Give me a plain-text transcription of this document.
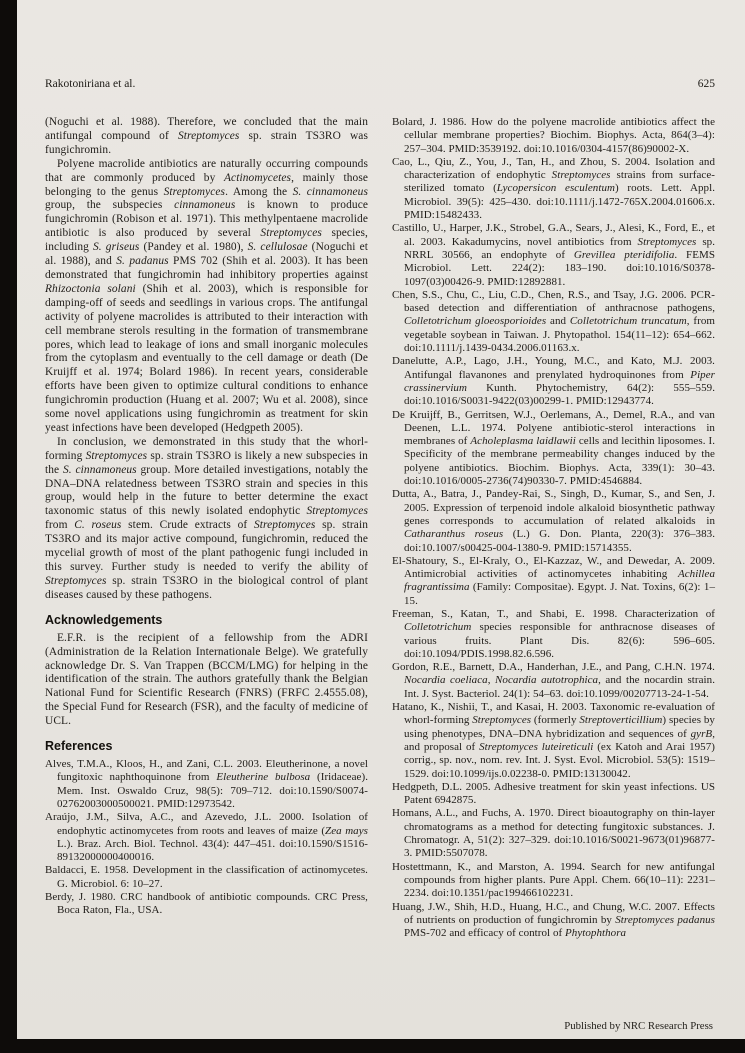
Rakotoniriana et al.	625

(Noguchi et al. 1988). Therefore, we concluded that the main antifungal compound of Streptomyces sp. strain TS3RO was fungichromin.

Polyene macrolide antibiotics are naturally occurring compounds that are commonly produced by Actinomycetes, mainly those belonging to the genus Streptomyces. Among the S. cinnamoneus group, the subspecies cinnamoneus is known to produce fungichromin (Robison et al. 1971). This methylpentaene macrolide antibiotic is also produced by several Streptomyces species, including S. griseus (Pandey et al. 1980), S. cellulosae (Noguchi et al. 1988), and S. padanus PMS 702 (Shih et al. 2003). It has been demonstrated that fungichromin had inhibitory properties against Rhizoctonia solani (Shih et al. 2003), which is responsible for damping-off of seeds and seedlings in various crops. The antifungal activity of polyene macrolides is attributed to their interaction with cell membrane sterols resulting in the formation of transmembrane pores, which lead to leakage of ions and small inorganic molecules from the cytoplasm and eventually to the cell damage or death (De Kruijff et al. 1974; Bolard 1986). In recent years, considerable efforts have been given to optimize cultural conditions to enhance fungichromin production (Huang et al. 2007; Wu et al. 2008), since some novel applications using fungichromin as treatment for skin yeast infections have been developed (Hedgpeth 2005).

In conclusion, we demonstrated in this study that the whorl-forming Streptomyces sp. strain TS3RO is likely a new subspecies in the S. cinnamoneus group. More detailed investigations, notably the DNA–DNA relatedness between TS3RO strain and species in this group, would help in the future to better determine the exact taxonomic status of this newly isolated endophytic Streptomyces from C. roseus stem. Crude extracts of Streptomyces sp. strain TS3RO and its major active compound, fungichromin, reduced the mycelial growth of most of the plant pathogenic fungi included in this survey. Further study is needed to verify the ability of Streptomyces sp. strain TS3RO in the biological control of plant diseases caused by these pathogens.

Acknowledgements

E.F.R. is the recipient of a fellowship from the ADRI (Administration de la Relation Internationale Belge). We gratefully acknowledge Dr. S. Van Trappen (BCCM/LMG) for helping in the identification of the strain. The authors gratefully thank the Belgian National Fund for Scientific Research (FNRS) (FRFC 2.4555.08), the Special Fund for Research (FSR), and the faculty of medicine of UCL.

References

Alves, T.M.A., Kloos, H., and Zani, C.L. 2003. Eleutherinone, a novel fungitoxic naphthoquinone from Eleutherine bulbosa (Iridaceae). Mem. Inst. Oswaldo Cruz, 98(5): 709–712. doi:10.1590/S0074-02762003000500021. PMID:12973542.

Araújo, J.M., Silva, A.C., and Azevedo, J.L. 2000. Isolation of endophytic actinomycetes from roots and leaves of maize (Zea mays L.). Braz. Arch. Biol. Technol. 43(4): 447–451. doi:10.1590/S1516-89132000000400016.

Baldacci, E. 1958. Development in the classification of actinomycetes. G. Microbiol. 6: 10–27.

Berdy, J. 1980. CRC handbook of antibiotic compounds. CRC Press, Boca Raton, Fla., USA.

Bolard, J. 1986. How do the polyene macrolide antibiotics affect the cellular membrane properties? Biochim. Biophys. Acta, 864(3–4): 257–304. PMID:3539192. doi:10.1016/0304-4157(86)90002-X.

Cao, L., Qiu, Z., You, J., Tan, H., and Zhou, S. 2004. Isolation and characterization of endophytic Streptomyces strains from surface-sterilized tomato (Lycopersicon esculentum) roots. Lett. Appl. Microbiol. 39(5): 425–430. doi:10.1111/j.1472-765X.2004.01606.x. PMID:15482433.

Castillo, U., Harper, J.K., Strobel, G.A., Sears, J., Alesi, K., Ford, E., et al. 2003. Kakadumycins, novel antibiotics from Streptomyces sp. NRRL 30566, an endophyte of Grevillea pteridifolia. FEMS Microbiol. Lett. 224(2): 183–190. doi:10.1016/S0378-1097(03)00426-9. PMID:12892881.

Chen, S.S., Chu, C., Liu, C.D., Chen, R.S., and Tsay, J.G. 2006. PCR-based detection and differentiation of anthracnose pathogens, Colletotrichum gloeosporioides and Colletotrichum truncatum, from vegetable soybean in Taiwan. J. Phytopathol. 154(11–12): 654–662. doi:10.1111/j.1439-0434.2006.01163.x.

Danelutte, A.P., Lago, J.H., Young, M.C., and Kato, M.J. 2003. Antifungal flavanones and prenylated hydroquinones from Piper crassinervium Kunth. Phytochemistry, 64(2): 555–559. doi:10.1016/S0031-9422(03)00299-1. PMID:12943774.

De Kruijff, B., Gerritsen, W.J., Oerlemans, A., Demel, R.A., and van Deenen, L.L. 1974. Polyene antibiotic-sterol interactions in membranes of Acholeplasma laidlawii cells and lecithin liposomes. I. Specificity of the membrane permeability changes induced by the polyene antibiotics. Biochim. Biophys. Acta, 339(1): 30–43. doi:10.1016/0005-2736(74)90330-7. PMID:4546884.

Dutta, A., Batra, J., Pandey-Rai, S., Singh, D., Kumar, S., and Sen, J. 2005. Expression of terpenoid indole alkaloid biosynthetic pathway genes corresponds to accumulation of related alkaloids in Catharanthus roseus (L.) G. Don. Planta, 220(3): 376–383. doi:10.1007/s00425-004-1380-9. PMID:15714355.

El-Shatoury, S., El-Kraly, O., El-Kazzaz, W., and Dewedar, A. 2009. Antimicrobial activities of actinomycetes inhabiting Achillea fragrantissima (Family: Compositae). Egypt. J. Nat. Toxins, 6(2): 1–15.

Freeman, S., Katan, T., and Shabi, E. 1998. Characterization of Colletotrichum species responsible for anthracnose diseases of various fruits. Plant Dis. 82(6): 596–605. doi:10.1094/PDIS.1998.82.6.596.

Gordon, R.E., Barnett, D.A., Handerhan, J.E., and Pang, C.H.N. 1974. Nocardia coeliaca, Nocardia autotrophica, and the nocardin strain. Int. J. Syst. Bacteriol. 24(1): 54–63. doi:10.1099/00207713-24-1-54.

Hatano, K., Nishii, T., and Kasai, H. 2003. Taxonomic re-evaluation of whorl-forming Streptomyces (formerly Streptoverticillium) species by using phenotypes, DNA–DNA hybridization and sequences of gyrB, and proposal of Streptomyces luteireticuli (ex Katoh and Arai 1957) corrig., sp. nov., nom. rev. Int. J. Syst. Evol. Microbiol. 53(5): 1519–1529. doi:10.1099/ijs.0.02238-0. PMID:13130042.

Hedgpeth, D.L. 2005. Adhesive treatment for skin yeast infections. US Patent 6942875.

Homans, A.L., and Fuchs, A. 1970. Direct bioautography on thin-layer chromatograms as a method for detecting fungitoxic substances. J. Chromatogr. A, 51(2): 327–329. doi:10.1016/S0021-9673(01)96877-3. PMID:5507078.

Hostettmann, K., and Marston, A. 1994. Search for new antifungal compounds from higher plants. Pure Appl. Chem. 66(10–11): 2231–2234. doi:10.1351/pac199466102231.

Huang, J.W., Shih, H.D., Huang, H.C., and Chung, W.C. 2007. Effects of nutrients on production of fungichromin by Streptomyces padanus PMS-702 and efficacy of control of Phytophthora

Published by NRC Research Press
